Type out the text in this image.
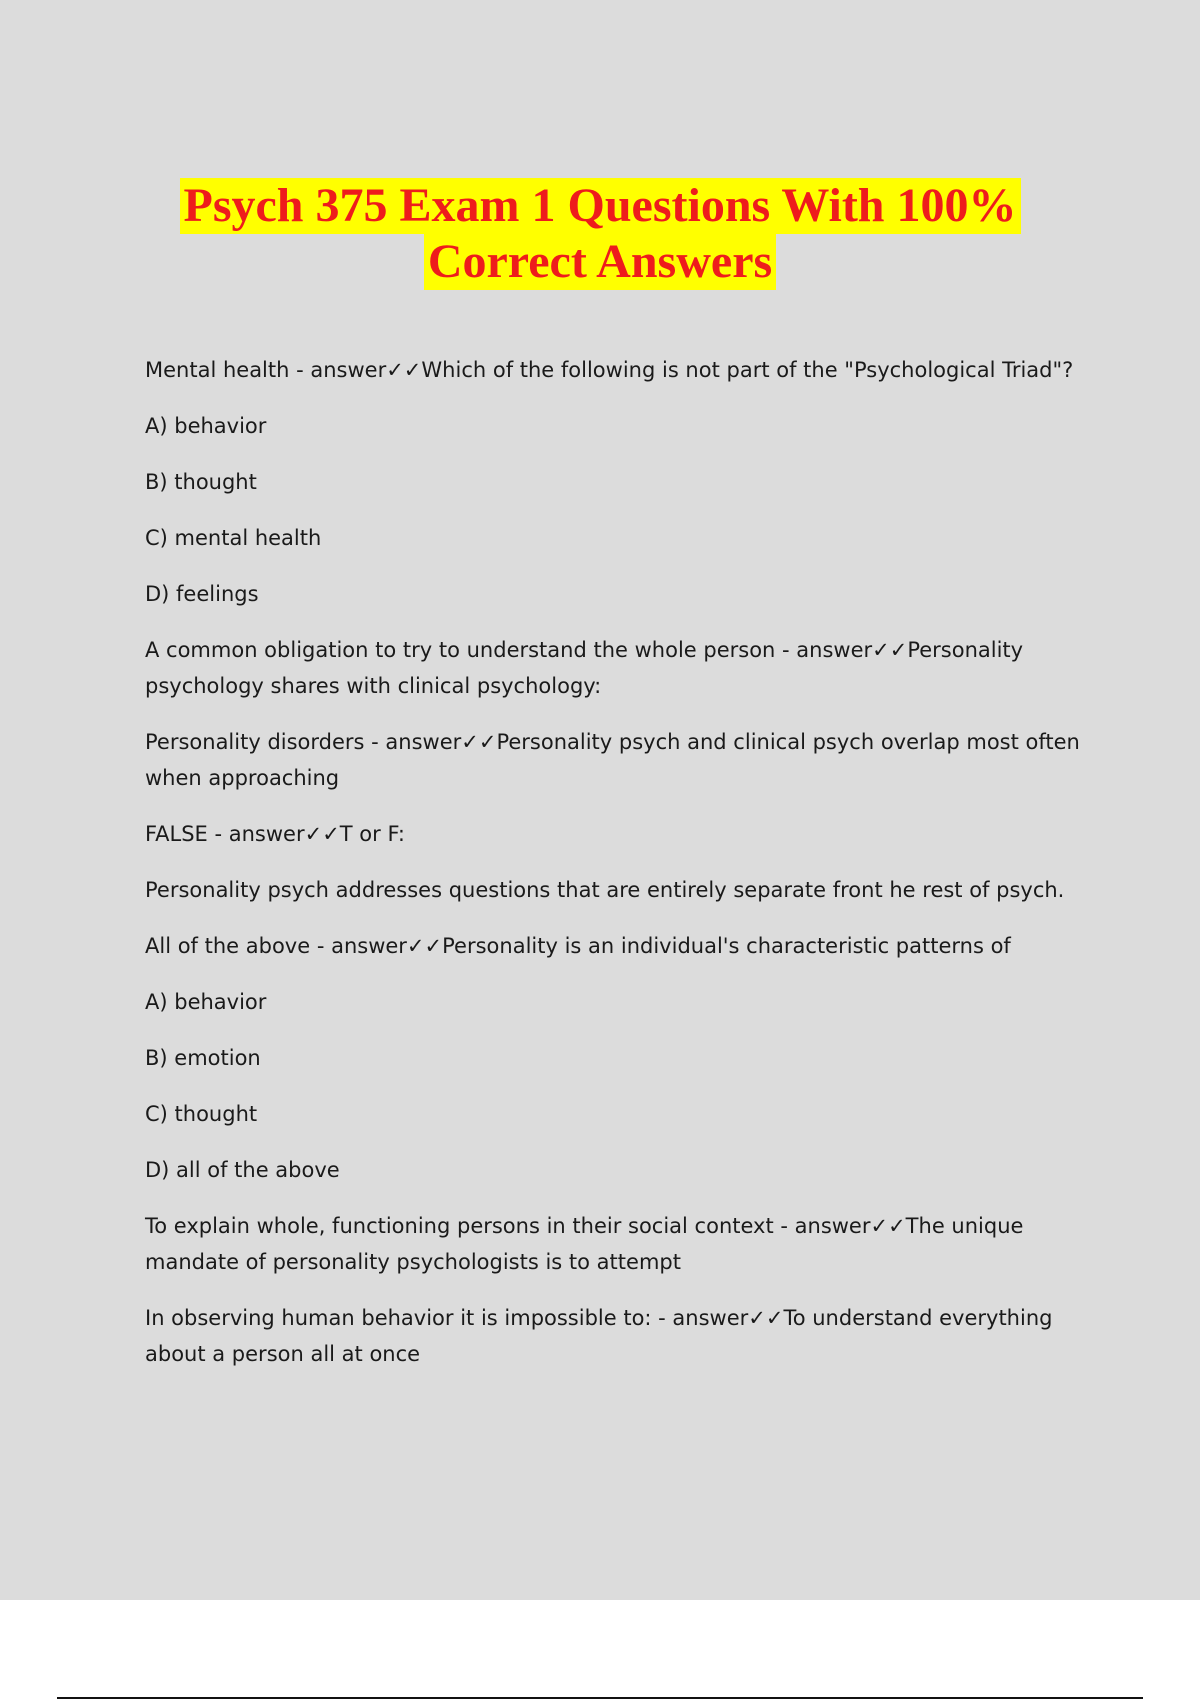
Psych 375 Exam 1 Questions With 100%
Correct Answers

Mental health - answer✓✓Which of the following is not part of the "Psychological Triad"?

A) behavior

B) thought

C) mental health

D) feelings

A common obligation to try to understand the whole person - answer✓✓Personality psychology shares with clinical psychology:

Personality disorders - answer✓✓Personality psych and clinical psych overlap most often when approaching

FALSE - answer✓✓T or F:

Personality psych addresses questions that are entirely separate front he rest of psych.

All of the above - answer✓✓Personality is an individual's characteristic patterns of

A) behavior

B) emotion

C) thought

D) all of the above

To explain whole, functioning persons in their social context - answer✓✓The unique mandate of personality psychologists is to attempt

In observing human behavior it is impossible to: - answer✓✓To understand everything about a person all at once
